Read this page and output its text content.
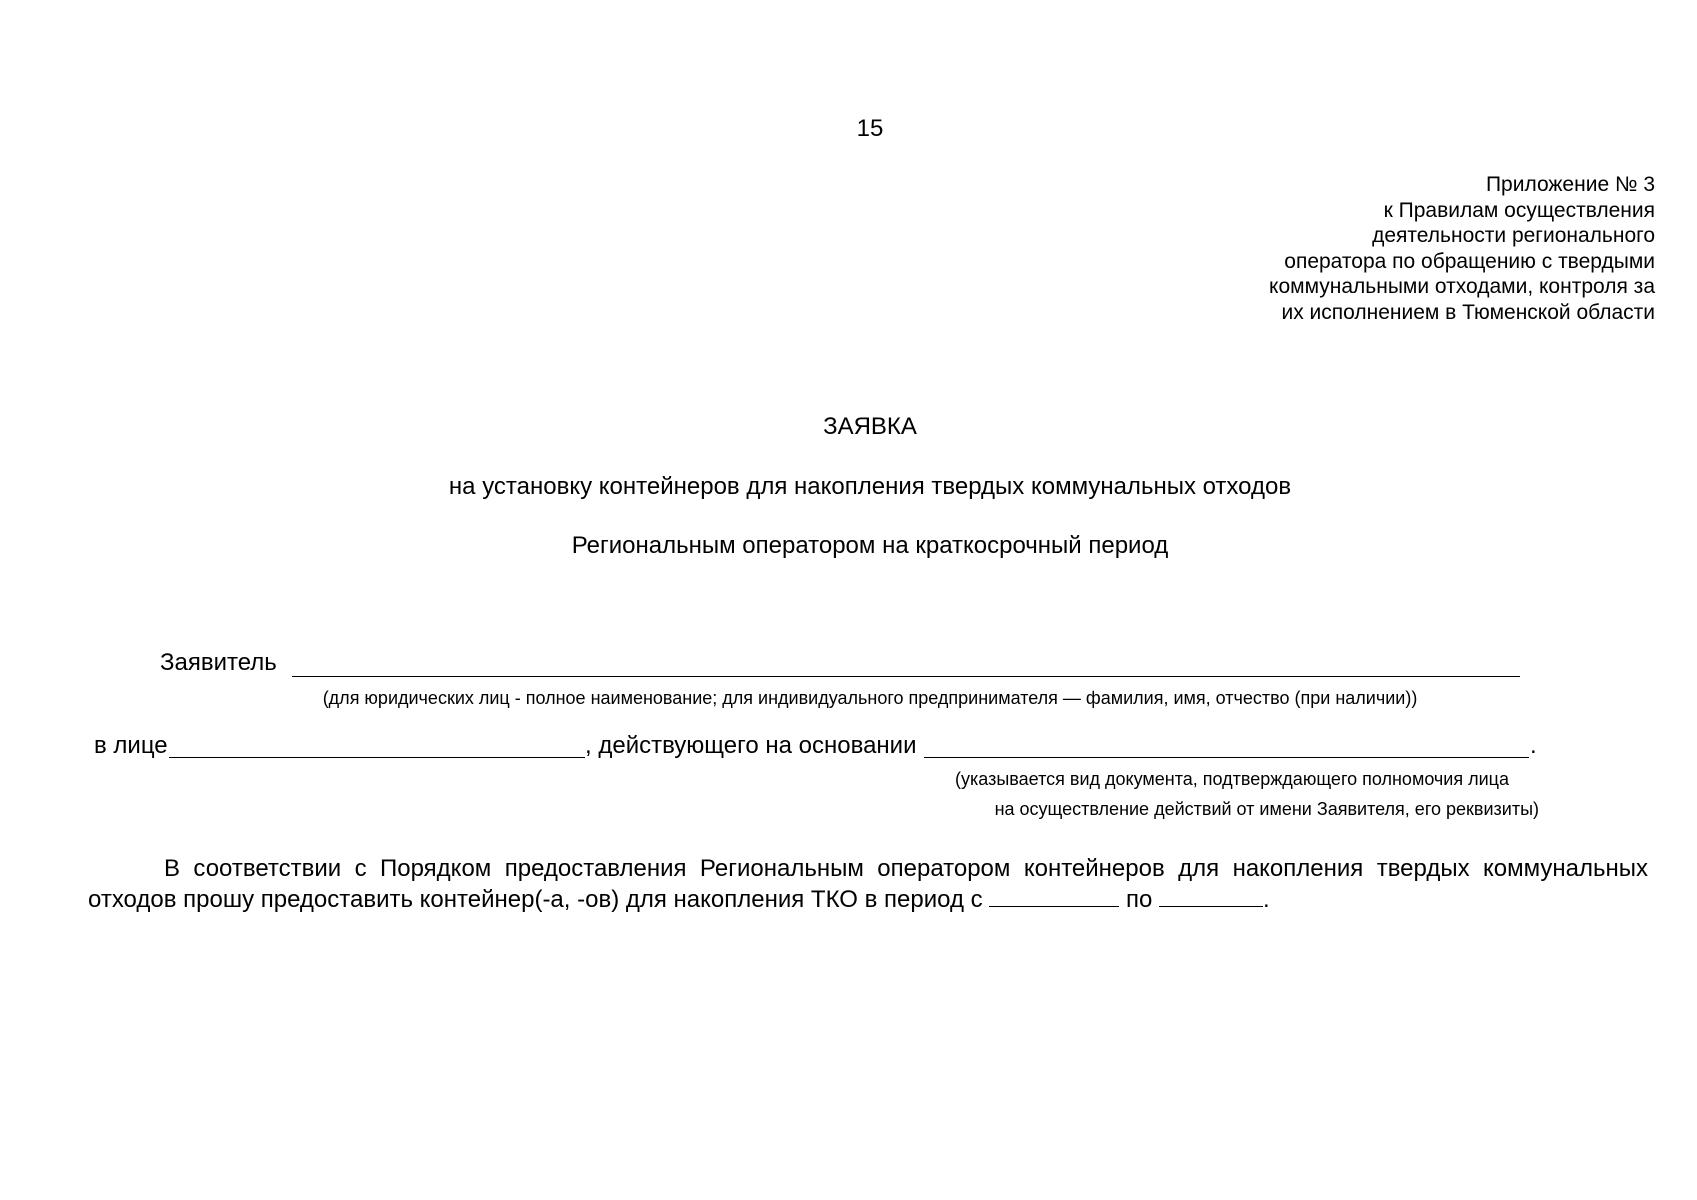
15
Приложение № 3
к Правилам осуществления
деятельности регионального
оператора по обращению с твердыми
коммунальными отходами, контроля за
их исполнением в Тюменской области
ЗАЯВКА
на установку контейнеров для накопления твердых коммунальных отходов
Региональным оператором на краткосрочный период
Заявитель
(для юридических лиц - полное наименование; для индивидуального предпринимателя — фамилия, имя, отчество (при наличии))
в лице	, действующего на основании	.
(указывается вид документа, подтверждающего полномочия лица
на осуществление действий от имени Заявителя, его реквизиты)
В соответствии с Порядком предоставления Региональным оператором контейнеров для накопления твердых коммунальных отходов прошу предоставить контейнер(-а, -ов) для накопления ТКО в период с	по	.
